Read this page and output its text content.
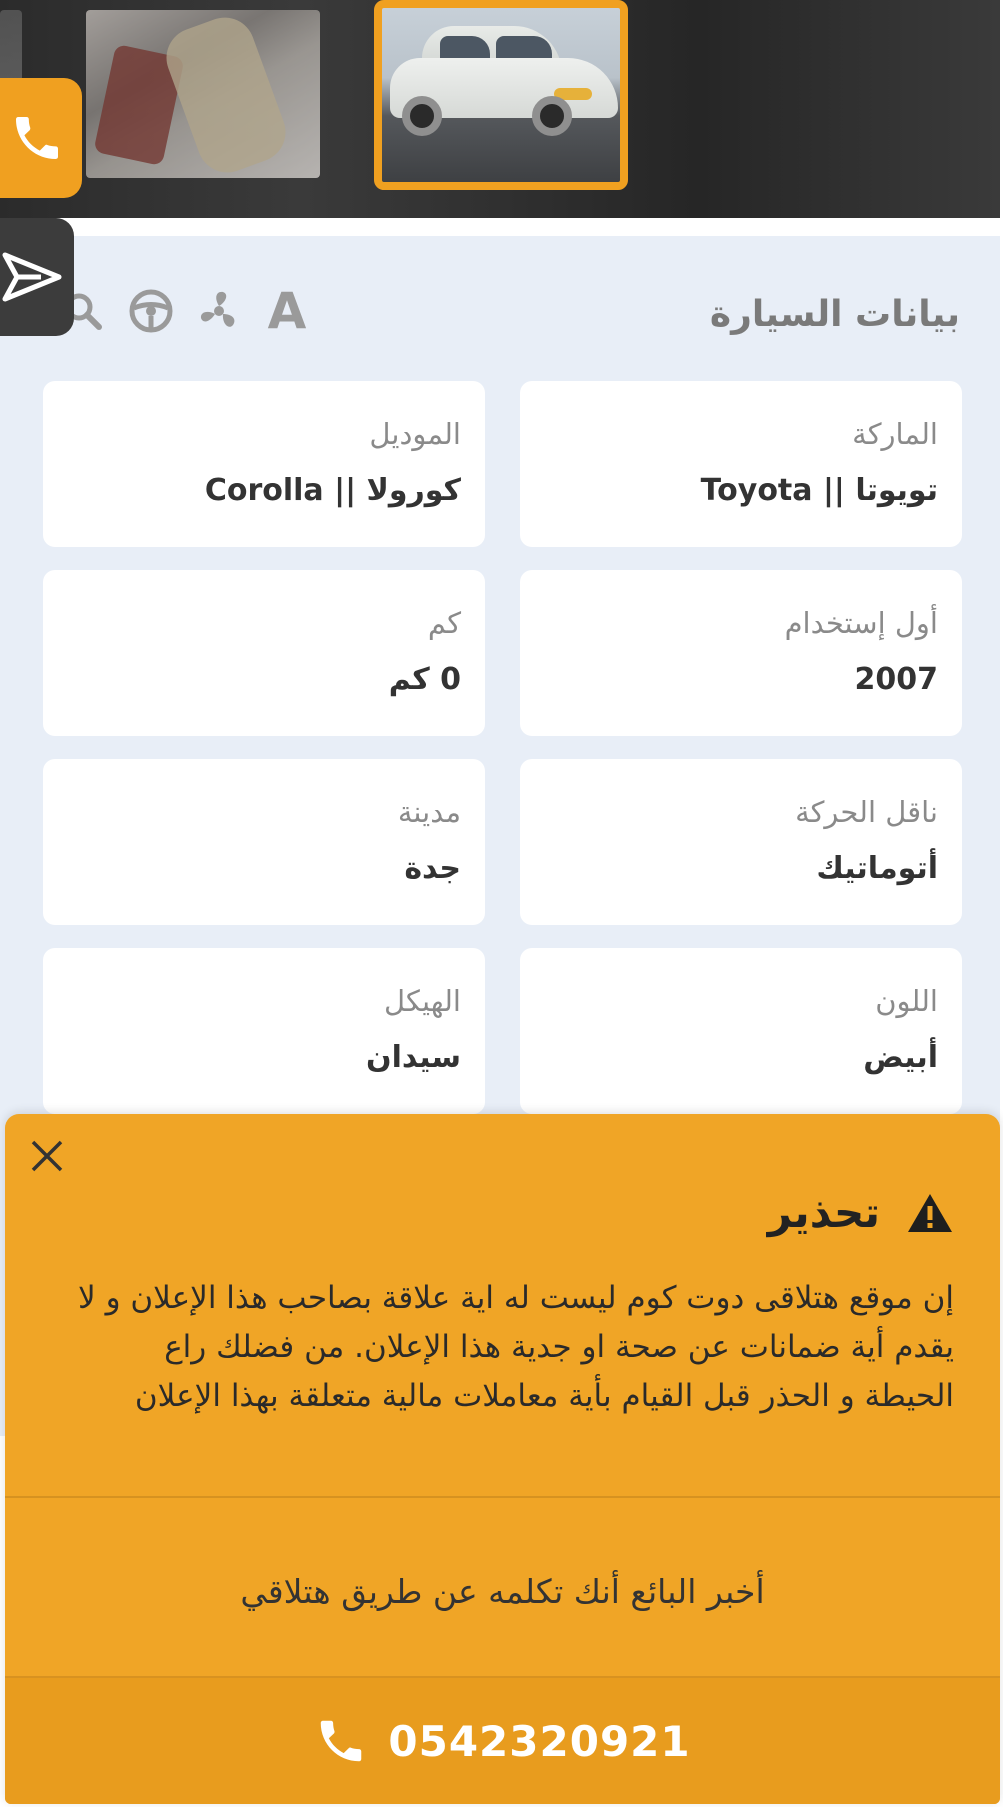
A	بيانات السيارة
الماركة
تويوتا || Toyota
الموديل
كورولا || Corolla
أول إستخدام
2007
كم
0 كم
ناقل الحركة
أتوماتيك
مدينة
جدة
اللون
أبيض
الهيكل
سيدان
تحذير
إن موقع هتلاقى دوت كوم ليست له اية علاقة بصاحب هذا الإعلان و لا يقدم أية ضمانات عن صحة او جدية هذا الإعلان. من فضلك راع الحيطة و الحذر قبل القيام بأية معاملات مالية متعلقة بهذا الإعلان
أخبر البائع أنك تكلمه عن طريق هتلاقي
0542320921
